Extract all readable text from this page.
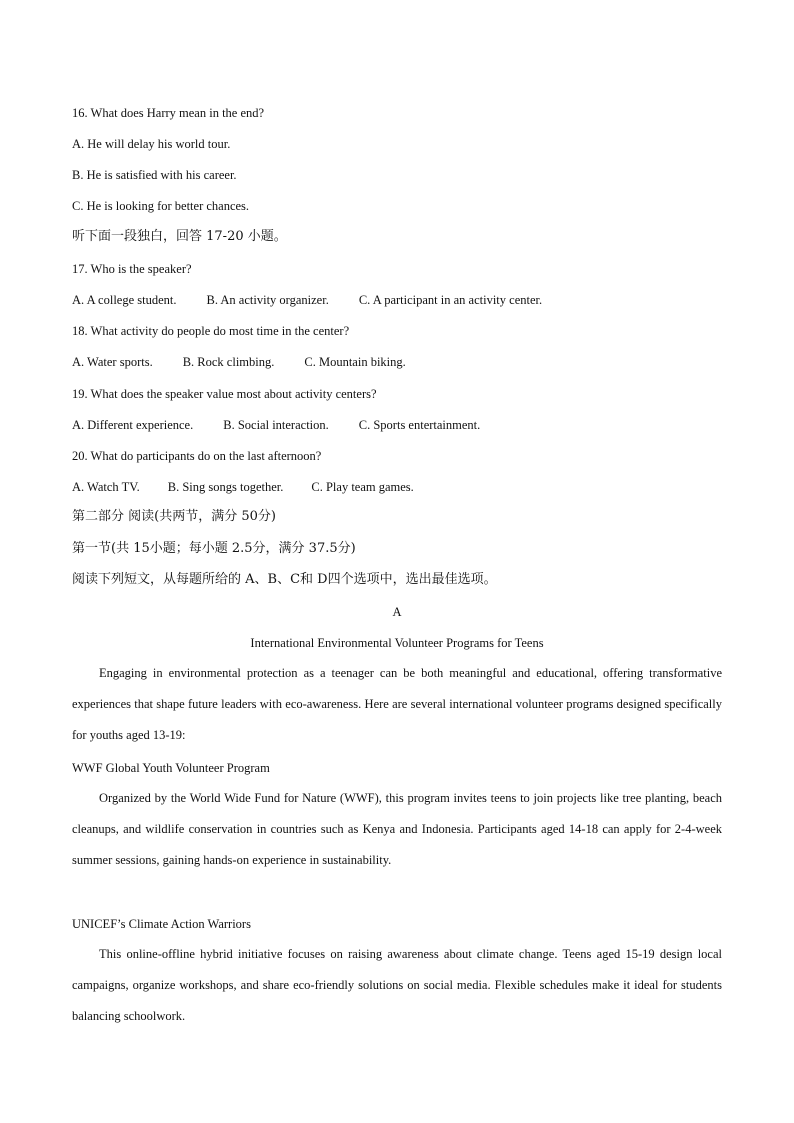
16. What does Harry mean in the end?
A. He will delay his world tour.
B. He is satisfied with his career.
C. He is looking for better chances.
听下面一段独白，回答 17-20 小题。
17. Who is the speaker?
A. A college student. B. An activity organizer. C. A participant in an activity center.
18. What activity do people do most time in the center?
A. Water sports. B. Rock climbing. C. Mountain biking.
19. What does the speaker value most about activity centers?
A. Different experience. B. Social interaction. C. Sports entertainment.
20. What do participants do on the last afternoon?
A. Watch TV. B. Sing songs together. C. Play team games.
第二部分 阅读(共两节，满分 50分)
第一节(共 15小题；每小题 2.5分，满分 37.5分)
阅读下列短文，从每题所给的 A、B、C和 D四个选项中，选出最佳选项。
A
International Environmental Volunteer Programs for Teens
Engaging in environmental protection as a teenager can be both meaningful and educational, offering transformative experiences that shape future leaders with eco-awareness. Here are several international volunteer programs designed specifically for youths aged 13-19:
WWF Global Youth Volunteer Program
Organized by the World Wide Fund for Nature (WWF), this program invites teens to join projects like tree planting, beach cleanups, and wildlife conservation in countries such as Kenya and Indonesia. Participants aged 14-18 can apply for 2-4-week summer sessions, gaining hands-on experience in sustainability.
UNICEF’s Climate Action Warriors
This online-offline hybrid initiative focuses on raising awareness about climate change. Teens aged 15-19 design local campaigns, organize workshops, and share eco-friendly solutions on social media. Flexible schedules make it ideal for students balancing schoolwork.
